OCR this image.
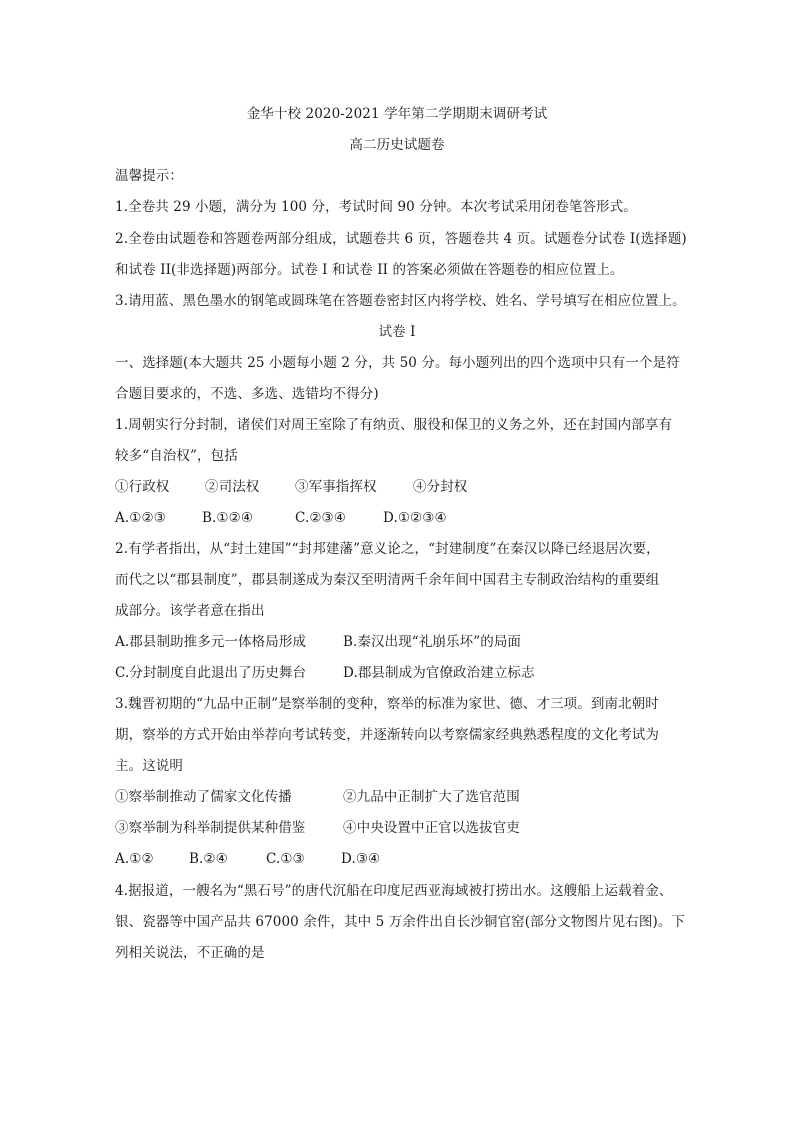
金华十校 2020-2021 学年第二学期期末调研考试
高二历史试题卷
温馨提示：
1.全卷共 29 小题，满分为 100 分，考试时间 90 分钟。本次考试采用闭卷笔答形式。
2.全卷由试题卷和答题卷两部分组成，试题卷共 6 页，答题卷共 4 页。试题卷分试卷 I(选择题)
和试卷 II(非选择题)两部分。试卷 I 和试卷 II 的答案必须做在答题卷的相应位置上。
3.请用蓝、黑色墨水的钢笔或圆珠笔在答题卷密封区内将学校、姓名、学号填写在相应位置上。
试卷 I
一、选择题(本大题共 25 小题每小题 2 分，共 50 分。每小题列出的四个选项中只有一个是符
合题目要求的，不选、多选、选错均不得分)
1.周朝实行分封制，诸侯们对周王室除了有纳贡、服役和保卫的义务之外，还在封国内部享有
较多“自治权”，包括
①行政权	②司法权	③军事指挥权	④分封权
A.①②③	B.①②④	C.②③④	D.①②③④
2.有学者指出，从“封土建国”“封邦建藩”意义论之，“封建制度”在秦汉以降已经退居次要，
而代之以“郡县制度”，郡县制遂成为秦汉至明清两千余年间中国君主专制政治结构的重要组
成部分。该学者意在指出
A.郡县制助推多元一体格局形成	B.秦汉出现“礼崩乐坏”的局面
C.分封制度自此退出了历史舞台	D.郡县制成为官僚政治建立标志
3.魏晋初期的“九品中正制”是察举制的变种，察举的标准为家世、德、才三项。到南北朝时
期，察举的方式开始由举荐向考试转变，并逐渐转向以考察儒家经典熟悉程度的文化考试为
主。这说明
①察举制推动了儒家文化传播	②九品中正制扩大了选官范围
③察举制为科举制提供某种借鉴	④中央设置中正官以选拔官吏
A.①②	B.②④	C.①③	D.③④
4.据报道，一艘名为“黑石号”的唐代沉船在印度尼西亚海域被打捞出水。这艘船上运载着金、
银、瓷器等中国产品共 67000 余件，其中 5 万余件出自长沙铜官窑(部分文物图片见右图)。下
列相关说法，不正确的是
